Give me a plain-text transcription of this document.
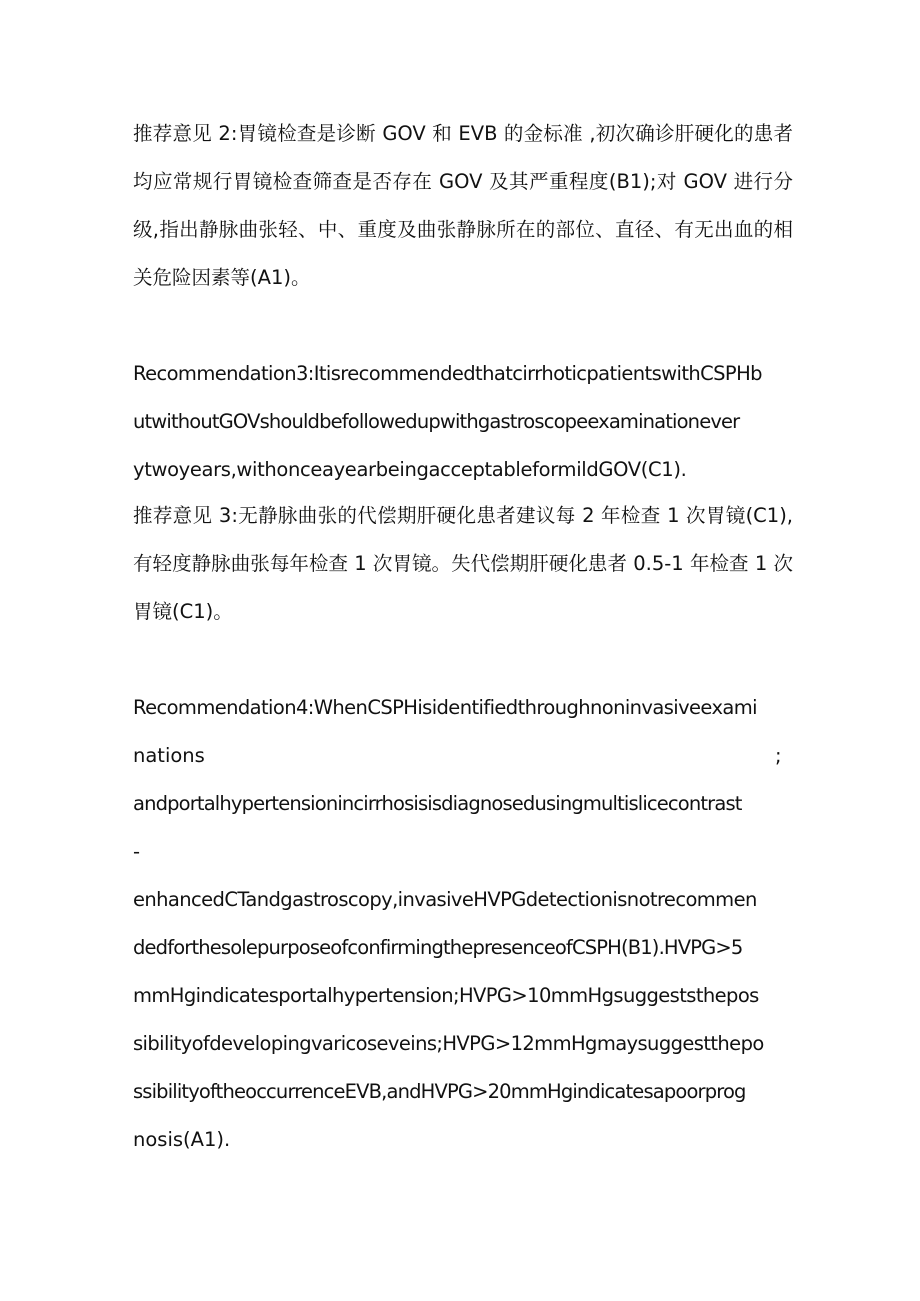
推荐意见 2:胃镜检查是诊断 GOV 和 EVB 的金标准 ,初次确诊肝硬化的患者
均应常规行胃镜检查筛查是否存在 GOV 及其严重程度(B1);对 GOV 进行分
级,指出静脉曲张轻、中、重度及曲张静脉所在的部位、直径、有无出血的相
关危险因素等(A1)。
Recommendation3:ItisrecommendedthatcirrhoticpatientswithCSPHb
utwithoutGOVshouldbefollowedupwithgastroscopeexaminationever
ytwoyears,withonceayearbeingacceptableformildGOV(C1).
推荐意见 3:无静脉曲张的代偿期肝硬化患者建议每 2 年检查 1 次胃镜(C1),
有轻度静脉曲张每年检查 1 次胃镜。失代偿期肝硬化患者 0.5-1 年检查 1 次
胃镜(C1)。
Recommendation4:WhenCSPHisidentifiedthroughnoninvasiveexami
nations	;
andportalhypertensionincirrhosisisdiagnosedusingmultislicecontrast
-
enhancedCTandgastroscopy,invasiveHVPGdetectionisnotrecommen
dedforthesolepurposeofconfirmingthepresenceofCSPH(B1).HVPG>5
mmHgindicatesportalhypertension;HVPG>10mmHgsuggeststhepos
sibilityofdevelopingvaricoseveins;HVPG>12mmHgmaysuggestthepo
ssibilityoftheoccurrenceEVB,andHVPG>20mmHgindicatesapoorprog
nosis(A1).
